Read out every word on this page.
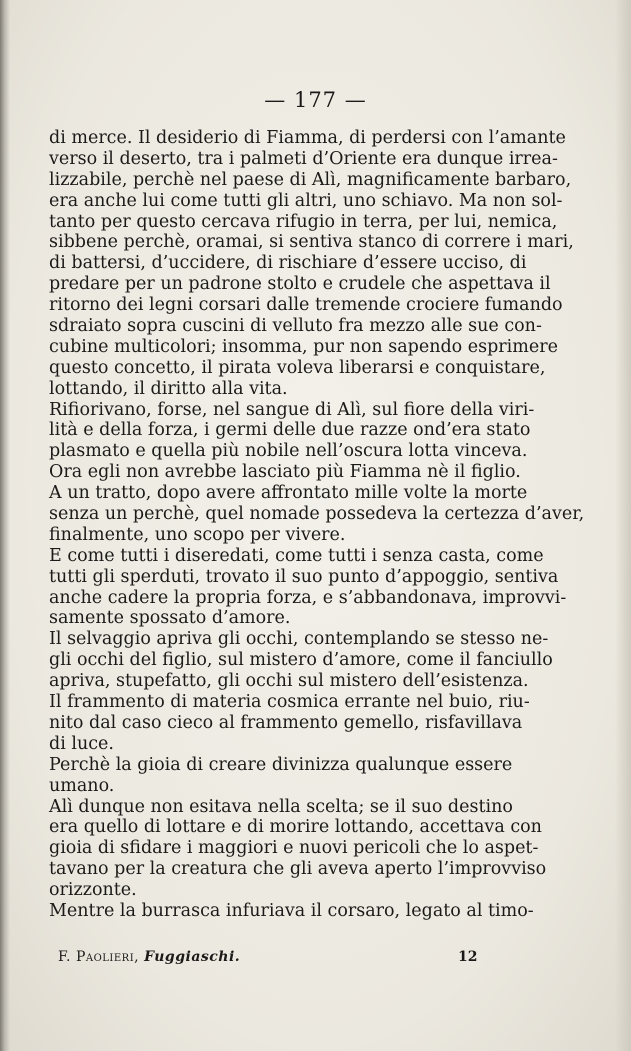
— 177 —
di merce. Il desiderio di Fiamma, di perdersi con l’amante
verso il deserto, tra i palmeti d’Oriente era dunque irrea-
lizzabile, perchè nel paese di Alì, magnificamente barbaro,
era anche lui come tutti gli altri, uno schiavo. Ma non sol-
tanto per questo cercava rifugio in terra, per lui, nemica,
sibbene perchè, oramai, si sentiva stanco di correre i mari,
di battersi, d’uccidere, di rischiare d’essere ucciso, di
predare per un padrone stolto e crudele che aspettava il
ritorno dei legni corsari dalle tremende crociere fumando
sdraiato sopra cuscini di velluto fra mezzo alle sue con-
cubine multicolori; insomma, pur non sapendo esprimere
questo concetto, il pirata voleva liberarsi e conquistare,
lottando, il diritto alla vita.
Rifiorivano, forse, nel sangue di Alì, sul fiore della viri-
lità e della forza, i germi delle due razze ond’era stato
plasmato e quella più nobile nell’oscura lotta vinceva.
Ora egli non avrebbe lasciato più Fiamma nè il figlio.
A un tratto, dopo avere affrontato mille volte la morte
senza un perchè, quel nomade possedeva la certezza d’aver,
finalmente, uno scopo per vivere.
E come tutti i diseredati, come tutti i senza casta, come
tutti gli sperduti, trovato il suo punto d’appoggio, sentiva
anche cadere la propria forza, e s’abbandonava, improvvi-
samente spossato d’amore.
Il selvaggio apriva gli occhi, contemplando se stesso ne-
gli occhi del figlio, sul mistero d’amore, come il fanciullo
apriva, stupefatto, gli occhi sul mistero dell’esistenza.
Il frammento di materia cosmica errante nel buio, riu-
nito dal caso cieco al frammento gemello, risfavillava
di luce.
Perchè la gioia di creare divinizza qualunque essere
umano.
Alì dunque non esitava nella scelta; se il suo destino
era quello di lottare e di morire lottando, accettava con
gioia di sfidare i maggiori e nuovi pericoli che lo aspet-
tavano per la creatura che gli aveva aperto l’improvviso
orizzonte.
Mentre la burrasca infuriava il corsaro, legato al timo-
F. Paolieri, Fuggiaschi.	12
